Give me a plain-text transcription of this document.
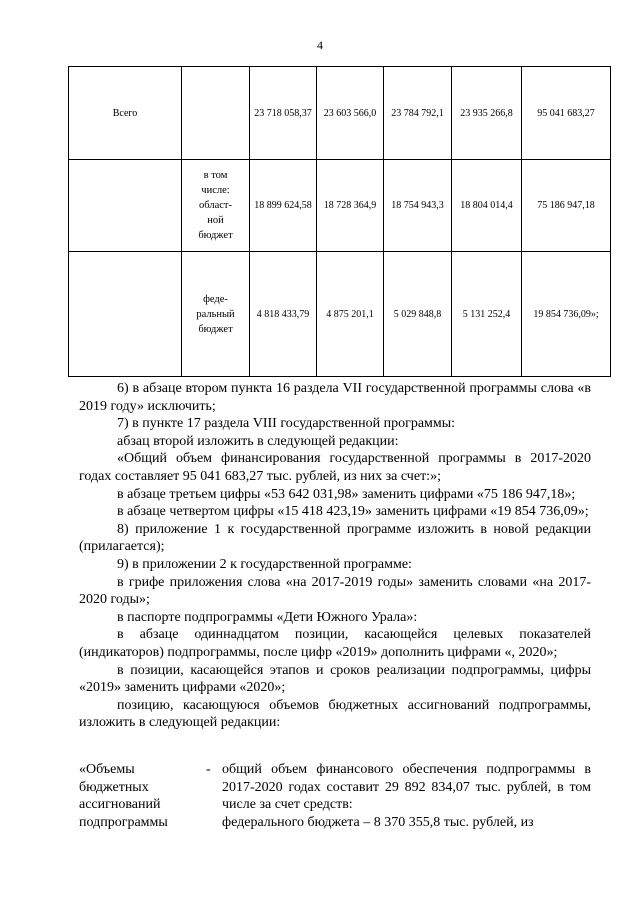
4
Всего		23 718 058,37	23 603 566,0	23 784 792,1	23 935 266,8	95 041 683,27

	в том
числе:
област-
ной
бюджет	18 899 624,58	18 728 364,9	18 754 943,3	18 804 014,4	75 186 947,18

	феде-
ральный
бюджет	4 818 433,79	4 875 201,1	5 029 848,8	5 131 252,4	19 854 736,09»;
6) в абзаце втором пункта 16 раздела VII государственной программы слова «в 2019 году» исключить;
7) в пункте 17 раздела VIII государственной программы:
абзац второй изложить в следующей редакции:
«Общий объем финансирования государственной программы в 2017-2020 годах составляет 95 041 683,27 тыс. рублей, из них за счет:»;
в абзаце третьем цифры «53 642 031,98» заменить цифрами «75 186 947,18»;
в абзаце четвертом цифры «15 418 423,19» заменить цифрами «19 854 736,09»;
8) приложение 1 к государственной программе изложить в новой редакции (прилагается);
9) в приложении 2 к государственной программе:
в грифе приложения слова «на 2017-2019 годы» заменить словами «на 2017-2020 годы»;
в паспорте подпрограммы «Дети Южного Урала»:
в абзаце одиннадцатом позиции, касающейся целевых показателей (индикаторов) подпрограммы, после цифр «2019» дополнить цифрами «, 2020»;
в позиции, касающейся этапов и сроков реализации подпрограммы, цифры «2019» заменить цифрами «2020»;
позицию, касающуюся объемов бюджетных ассигнований подпрограммы, изложить в следующей редакции:
«Объемы
бюджетных
ассигнований
подпрограммы
- общий объем финансового обеспечения подпрограммы в 2017-2020 годах составит 29 892 834,07 тыс. рублей, в том числе за счет средств:
федерального бюджета – 8 370 355,8 тыс. рублей, из
